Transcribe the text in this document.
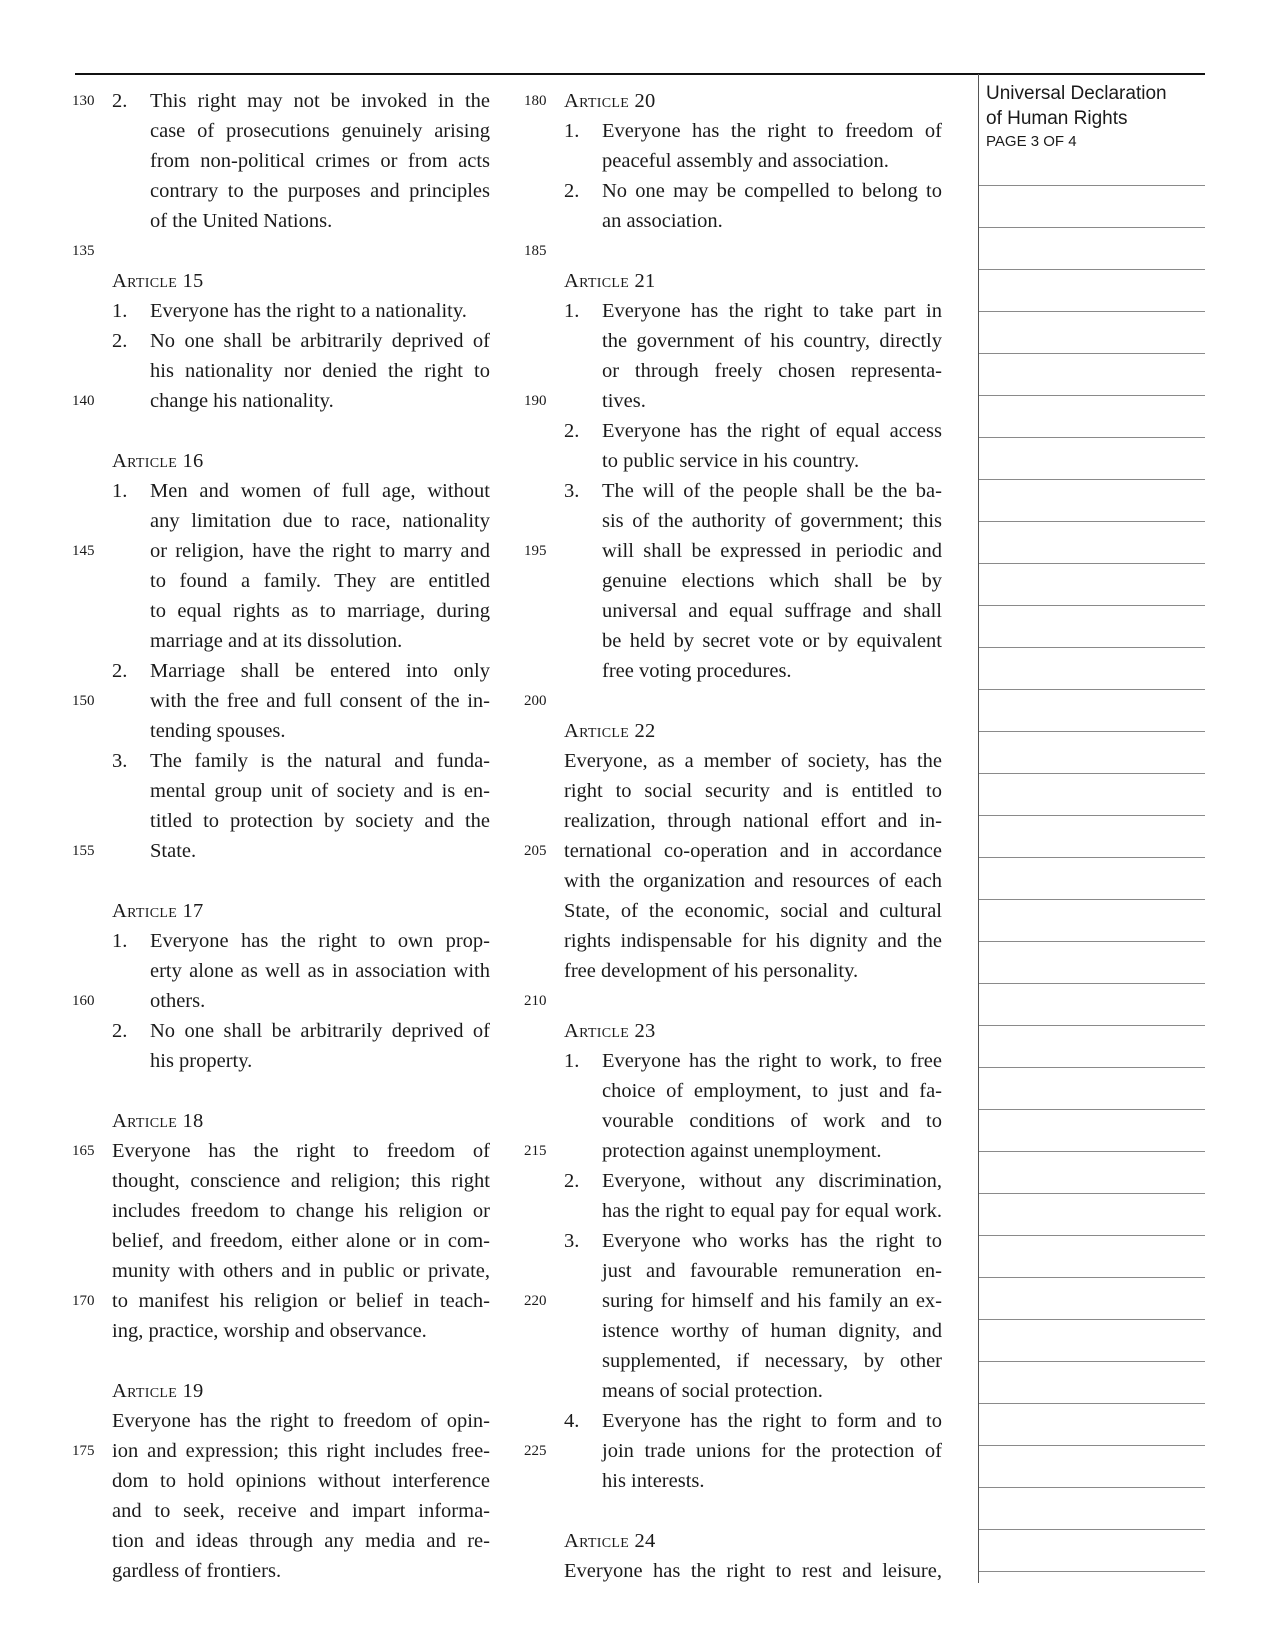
Universal Declaration
of Human Rights
PAGE 3 OF 4
130 2. This right may not be invoked in the
case of prosecutions genuinely arising
from non-political crimes or from acts
contrary to the purposes and principles
of the United Nations.
135
Article 15
1. Everyone has the right to a nationality.
2. No one shall be arbitrarily deprived of
his nationality nor denied the right to
140	change his nationality.
Article 16
1. Men and women of full age, without
any limitation due to race, nationality
145	or religion, have the right to marry and
to found a family. They are entitled
to equal rights as to marriage, during
marriage and at its dissolution.
2. Marriage shall be entered into only
150	with the free and full consent of the in-
tending spouses.
3. The family is the natural and funda-
mental group unit of society and is en-
titled to protection by society and the
155	State.
Article 17
1. Everyone has the right to own prop-
erty alone as well as in association with
160	others.
2. No one shall be arbitrarily deprived of
his property.
Article 18
165 Everyone has the right to freedom of
thought, conscience and religion; this right
includes freedom to change his religion or
belief, and freedom, either alone or in com-
munity with others and in public or private,
170 to manifest his religion or belief in teach-
ing, practice, worship and observance.
Article 19
Everyone has the right to freedom of opin-
175 ion and expression; this right includes free-
dom to hold opinions without interference
and to seek, receive and impart informa-
tion and ideas through any media and re-
gardless of frontiers.
180 Article 20
1. Everyone has the right to freedom of
peaceful assembly and association.
2. No one may be compelled to belong to
an association.
185
Article 21
1. Everyone has the right to take part in
the government of his country, directly
or through freely chosen representa-
190	tives.
2. Everyone has the right of equal access
to public service in his country.
3. The will of the people shall be the ba-
sis of the authority of government; this
195	will shall be expressed in periodic and
genuine elections which shall be by
universal and equal suffrage and shall
be held by secret vote or by equivalent
free voting procedures.
200
Article 22
Everyone, as a member of society, has the
right to social security and is entitled to
realization, through national effort and in-
205 ternational co-operation and in accordance
with the organization and resources of each
State, of the economic, social and cultural
rights indispensable for his dignity and the
free development of his personality.
210
Article 23
1. Everyone has the right to work, to free
choice of employment, to just and fa-
vourable conditions of work and to
215	protection against unemployment.
2. Everyone, without any discrimination,
has the right to equal pay for equal work.
3. Everyone who works has the right to
just and favourable remuneration en-
220	suring for himself and his family an ex-
istence worthy of human dignity, and
supplemented, if necessary, by other
means of social protection.
4. Everyone has the right to form and to
225	join trade unions for the protection of
his interests.
Article 24
Everyone has the right to rest and leisure,
